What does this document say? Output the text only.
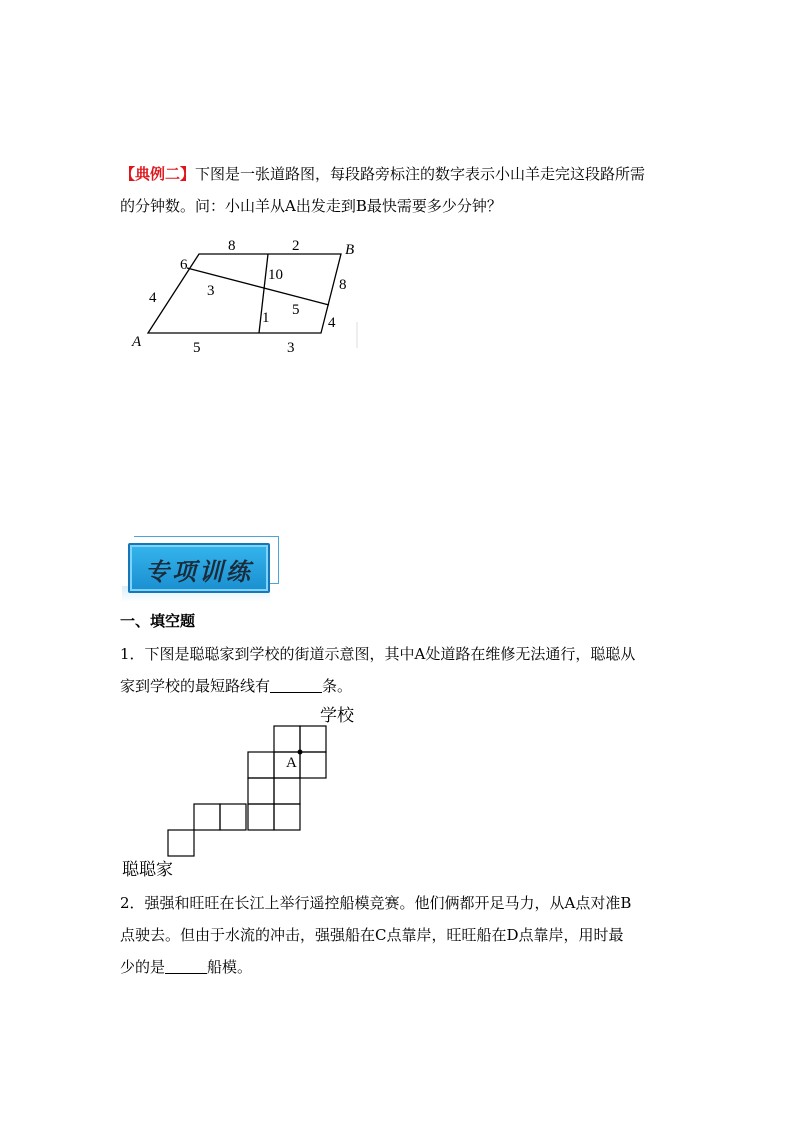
【典例二】下图是一张道路图，每段路旁标注的数字表示小山羊走完这段路所需
的分钟数。问：小山羊从A出发走到B最快需要多少分钟？
8	2	B
6
4	3
10
8
5
1	4
A	5	3
专项训练
一、填空题
1．下图是聪聪家到学校的街道示意图，其中A处道路在维修无法通行，聪聪从
家到学校的最短路线有	条。
A
学校
聪聪家
2．强强和旺旺在长江上举行遥控船模竞赛。他们俩都开足马力，从A点对准B
点驶去。但由于水流的冲击，强强船在C点靠岸，旺旺船在D点靠岸，用时最
少的是	船模。
